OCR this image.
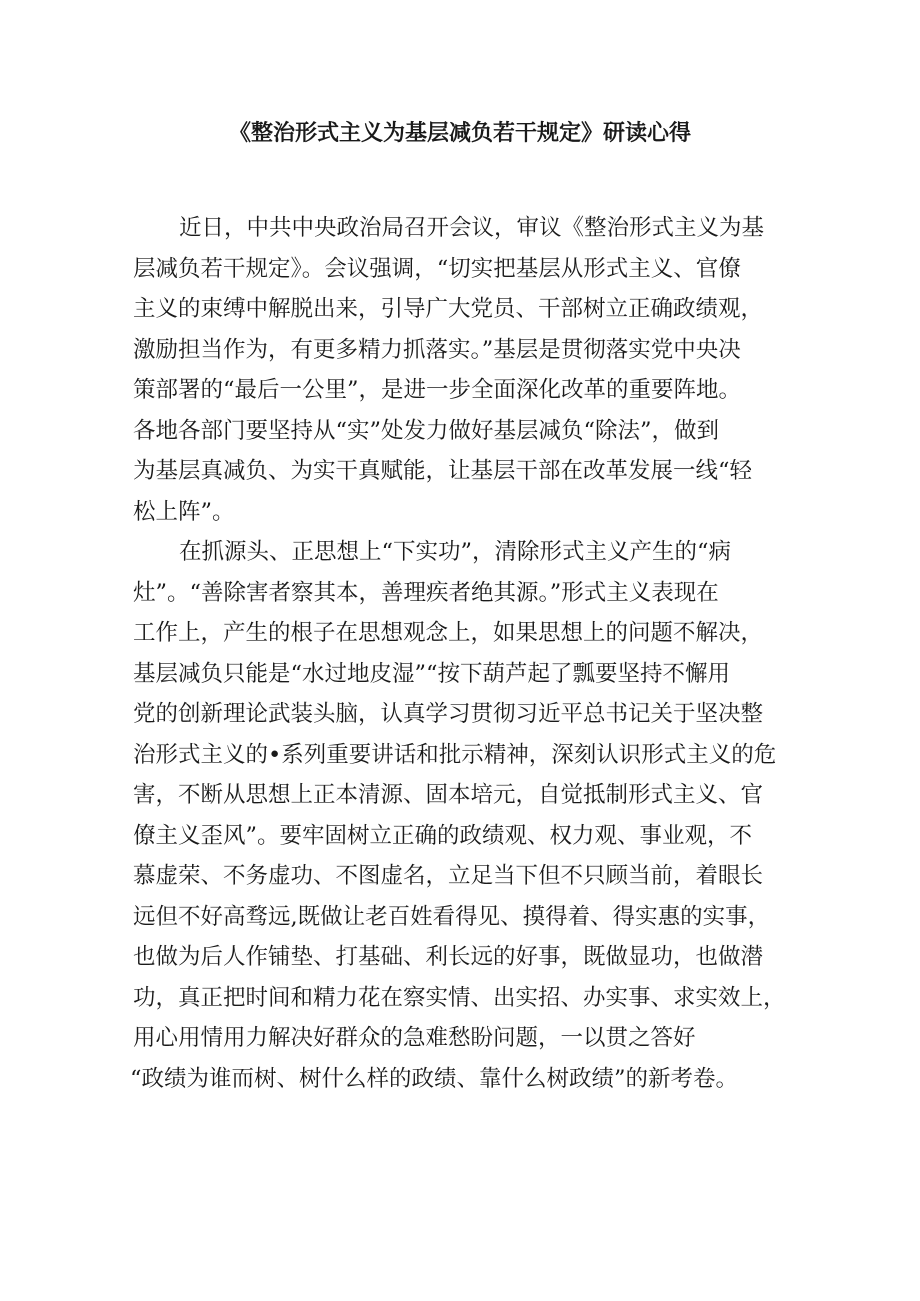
《整治形式主义为基层减负若干规定》研读心得
近日，中共中央政治局召开会议，审议《整治形式主义为基
层减负若干规定》。会议强调，“切实把基层从形式主义、官僚
主义的束缚中解脱出来，引导广大党员、干部树立正确政绩观，
激励担当作为，有更多精力抓落实。”基层是贯彻落实党中央决
策部署的“最后一公里”，是进一步全面深化改革的重要阵地。
各地各部门要坚持从“实”处发力做好基层减负“除法”，做到
为基层真减负、为实干真赋能，让基层干部在改革发展一线“轻
松上阵”。
在抓源头、正思想上“下实功”，清除形式主义产生的“病
灶”。“善除害者察其本，善理疾者绝其源。”形式主义表现在
工作上，产生的根子在思想观念上，如果思想上的问题不解决，
基层减负只能是“水过地皮湿”“按下葫芦起了瓢要坚持不懈用
党的创新理论武装头脑，认真学习贯彻习近平总书记关于坚决整
治形式主义的•系列重要讲话和批示精神，深刻认识形式主义的危
害，不断从思想上正本清源、固本培元，自觉抵制形式主义、官
僚主义歪风”。要牢固树立正确的政绩观、权力观、事业观，不
慕虚荣、不务虚功、不图虚名，立足当下但不只顾当前，着眼长
远但不好高骛远,既做让老百姓看得见、摸得着、得实惠的实事，
也做为后人作铺垫、打基础、利长远的好事，既做显功，也做潜
功，真正把时间和精力花在察实情、出实招、办实事、求实效上，
用心用情用力解决好群众的急难愁盼问题，一以贯之答好
“政绩为谁而树、树什么样的政绩、靠什么树政绩”的新考卷。
